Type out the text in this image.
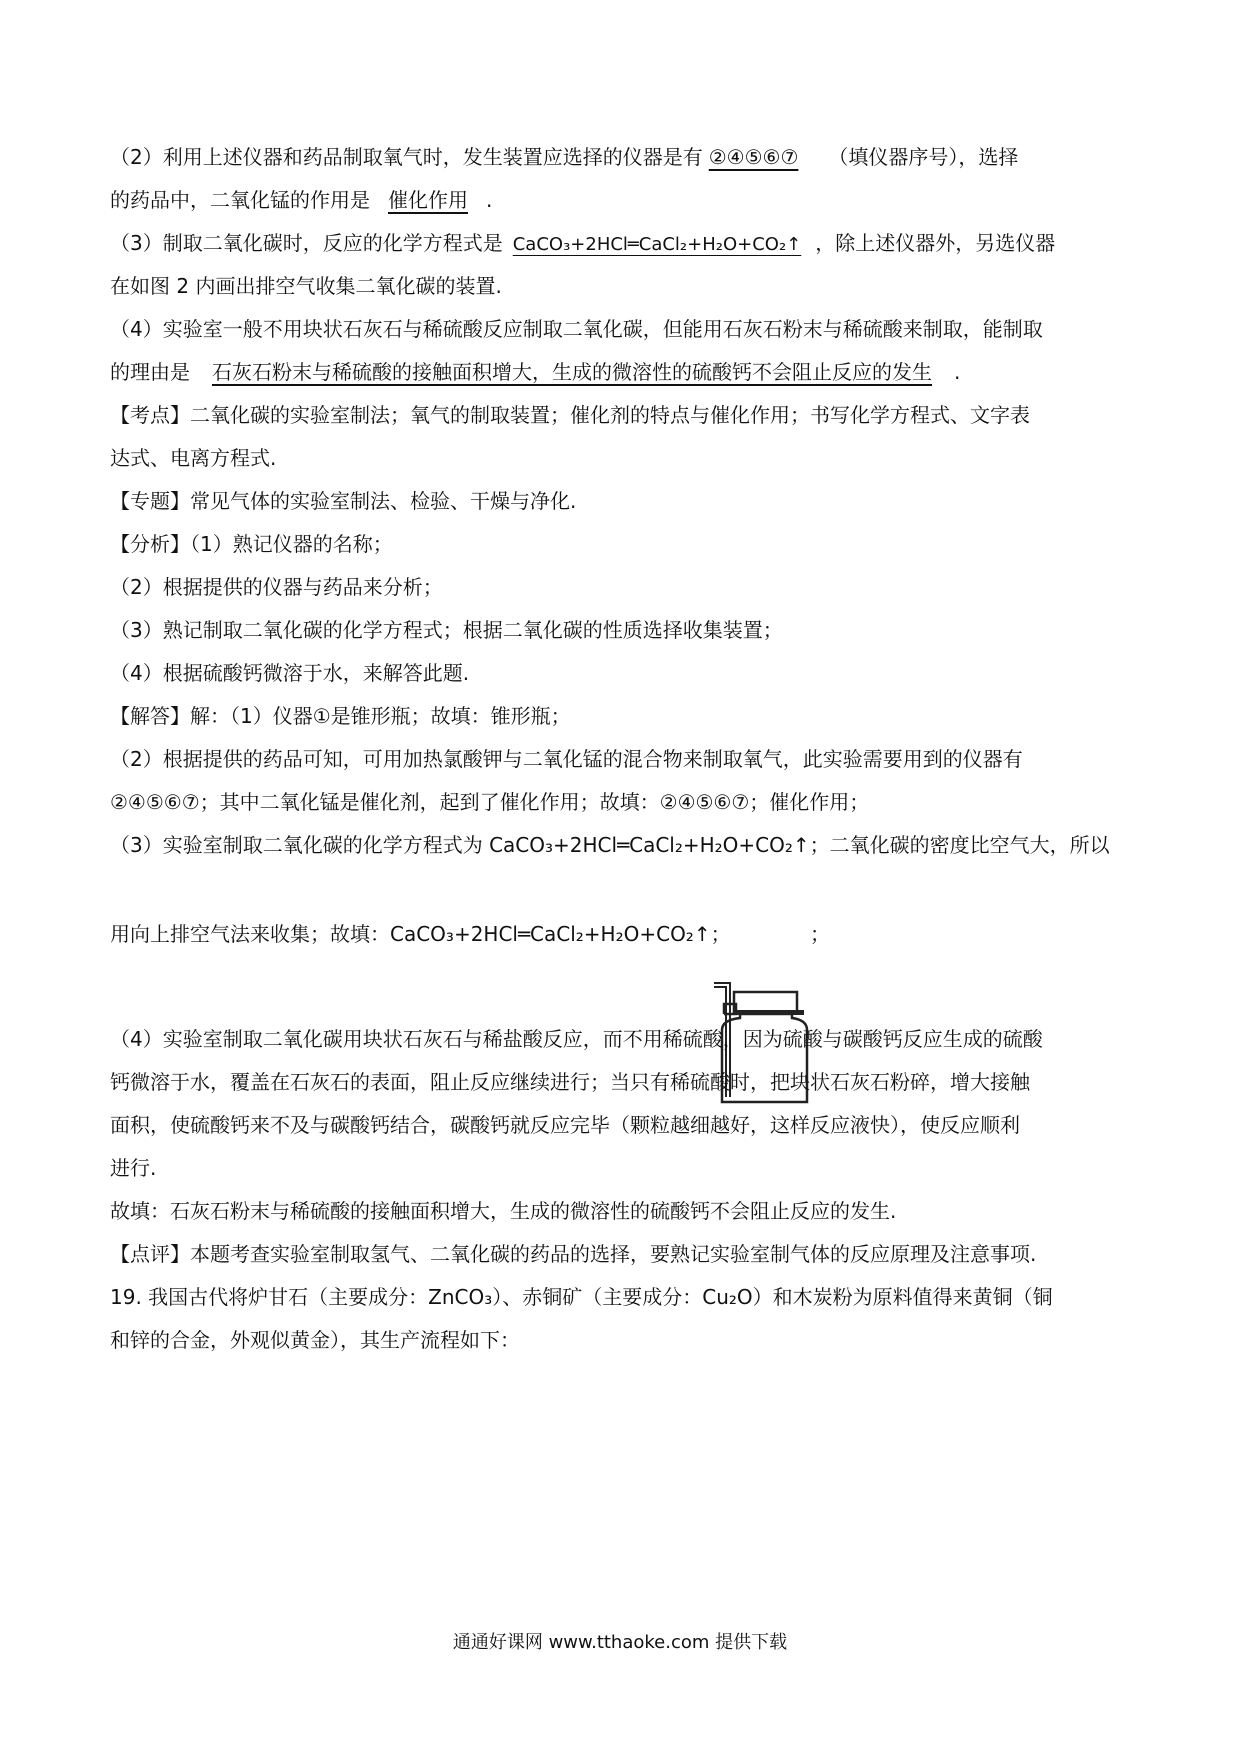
（2）利用上述仪器和药品制取氧气时，发生装置应选择的仪器是有 ②④⑤⑥⑦ （填仪器序号），选择
的药品中，二氧化锰的作用是 催化作用 .
（3）制取二氧化碳时，反应的化学方程式是 CaCO₃+2HCl═CaCl₂+H₂O+CO₂↑ ，除上述仪器外，另选仪器
在如图 2 内画出排空气收集二氧化碳的装置.
（4）实验室一般不用块状石灰石与稀硫酸反应制取二氧化碳，但能用石灰石粉末与稀硫酸来制取，能制取
的理由是 石灰石粉末与稀硫酸的接触面积增大，生成的微溶性的硫酸钙不会阻止反应的发生 .
【考点】二氧化碳的实验室制法；氧气的制取装置；催化剂的特点与催化作用；书写化学方程式、文字表
达式、电离方程式.
【专题】常见气体的实验室制法、检验、干燥与净化.
【分析】（1）熟记仪器的名称；
（2）根据提供的仪器与药品来分析；
（3）熟记制取二氧化碳的化学方程式；根据二氧化碳的性质选择收集装置；
（4）根据硫酸钙微溶于水，来解答此题.
【解答】解：（1）仪器①是锥形瓶；故填：锥形瓶；
（2）根据提供的药品可知，可用加热氯酸钾与二氧化锰的混合物来制取氧气，此实验需要用到的仪器有
②④⑤⑥⑦；其中二氧化锰是催化剂，起到了催化作用；故填：②④⑤⑥⑦；催化作用；
（3）实验室制取二氧化碳的化学方程式为 CaCO₃+2HCl═CaCl₂+H₂O+CO₂↑；二氧化碳的密度比空气大，所以
用向上排空气法来收集；故填：CaCO₃+2HCl═CaCl₂+H₂O+CO₂↑；	；
（4）实验室制取二氧化碳用块状石灰石与稀盐酸反应，而不用稀硫酸，因为硫酸与碳酸钙反应生成的硫酸
钙微溶于水，覆盖在石灰石的表面，阻止反应继续进行；当只有稀硫酸时，把块状石灰石粉碎，增大接触
面积，使硫酸钙来不及与碳酸钙结合，碳酸钙就反应完毕（颗粒越细越好，这样反应液快），使反应顺利
进行.
故填：石灰石粉末与稀硫酸的接触面积增大，生成的微溶性的硫酸钙不会阻止反应的发生.
【点评】本题考查实验室制取氢气、二氧化碳的药品的选择，要熟记实验室制气体的反应原理及注意事项.
19. 我国古代将炉甘石（主要成分：ZnCO₃）、赤铜矿（主要成分：Cu₂O）和木炭粉为原料值得来黄铜（铜
和锌的合金，外观似黄金），其生产流程如下：
通通好课网 www.tthaoke.com 提供下载
